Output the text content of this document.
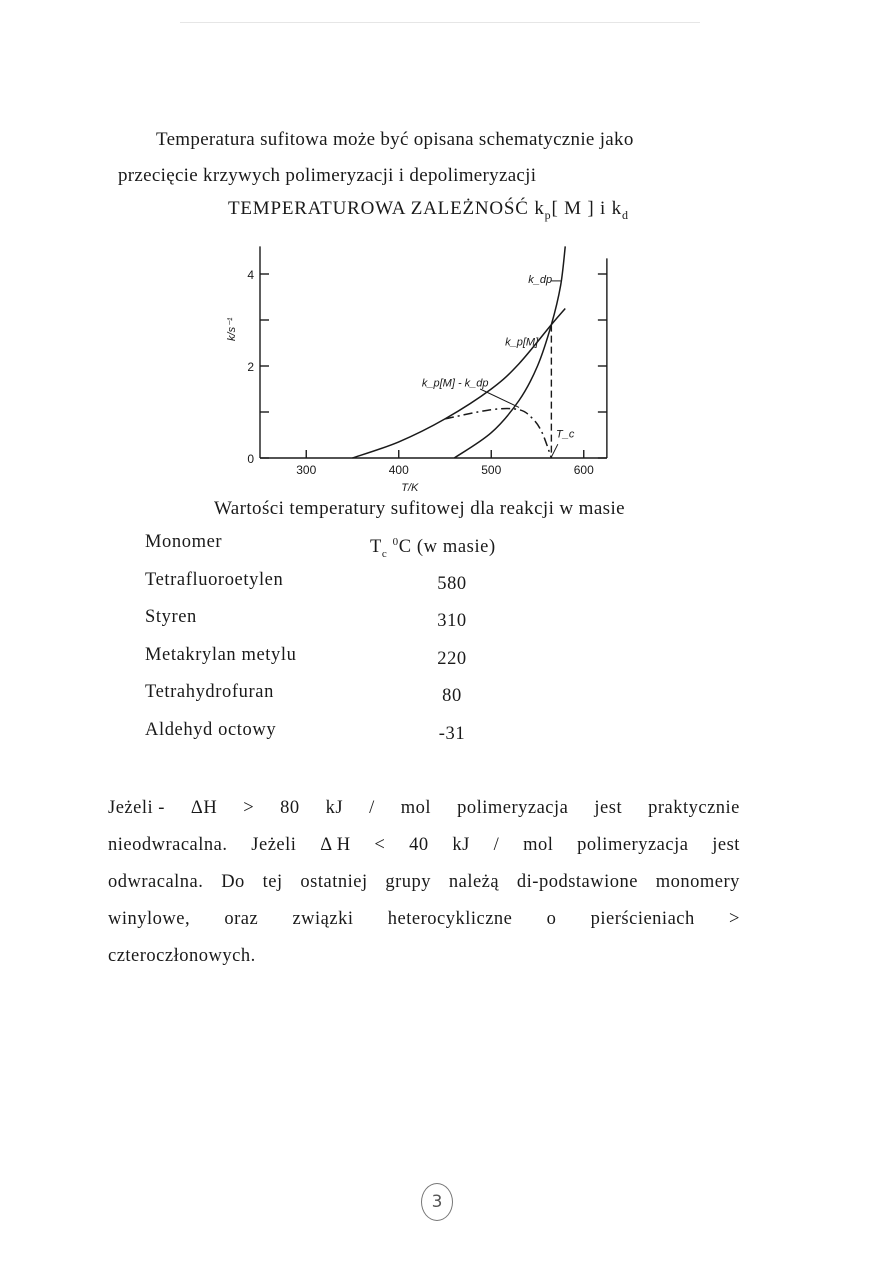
Temperatura sufitowa może być opisana schematycznie jako

przecięcie krzywych polimeryzacji i depolimeryzacji

TEMPERATUROWA ZALEŻNOŚĆ $k_p$[ M ] i $k_d$
0
2
4
300	400	500	600
T/K
k/s⁻¹
k_dp
k_p[M]
k_p[M] - k_dp
T_c
Wartości temperatury sufitowej dla reakcji w masie
Monomer	$T_c$ $^0$C (w masie)
Tetrafluoroetylen	580
Styren	310
Metakrylan metylu	220
Tetrahydrofuran	80
Aldehyd octowy	-31
Jeżeli - ΔH > 80 kJ / mol polimeryzacja jest praktycznie
nieodwracalna. Jeżeli Δ H < 40 kJ / mol polimeryzacja jest
odwracalna. Do tej ostatniej grupy należą di-podstawione monomery
winylowe, oraz związki heterocykliczne o pierścieniach >
czteroczłonowych.
3
